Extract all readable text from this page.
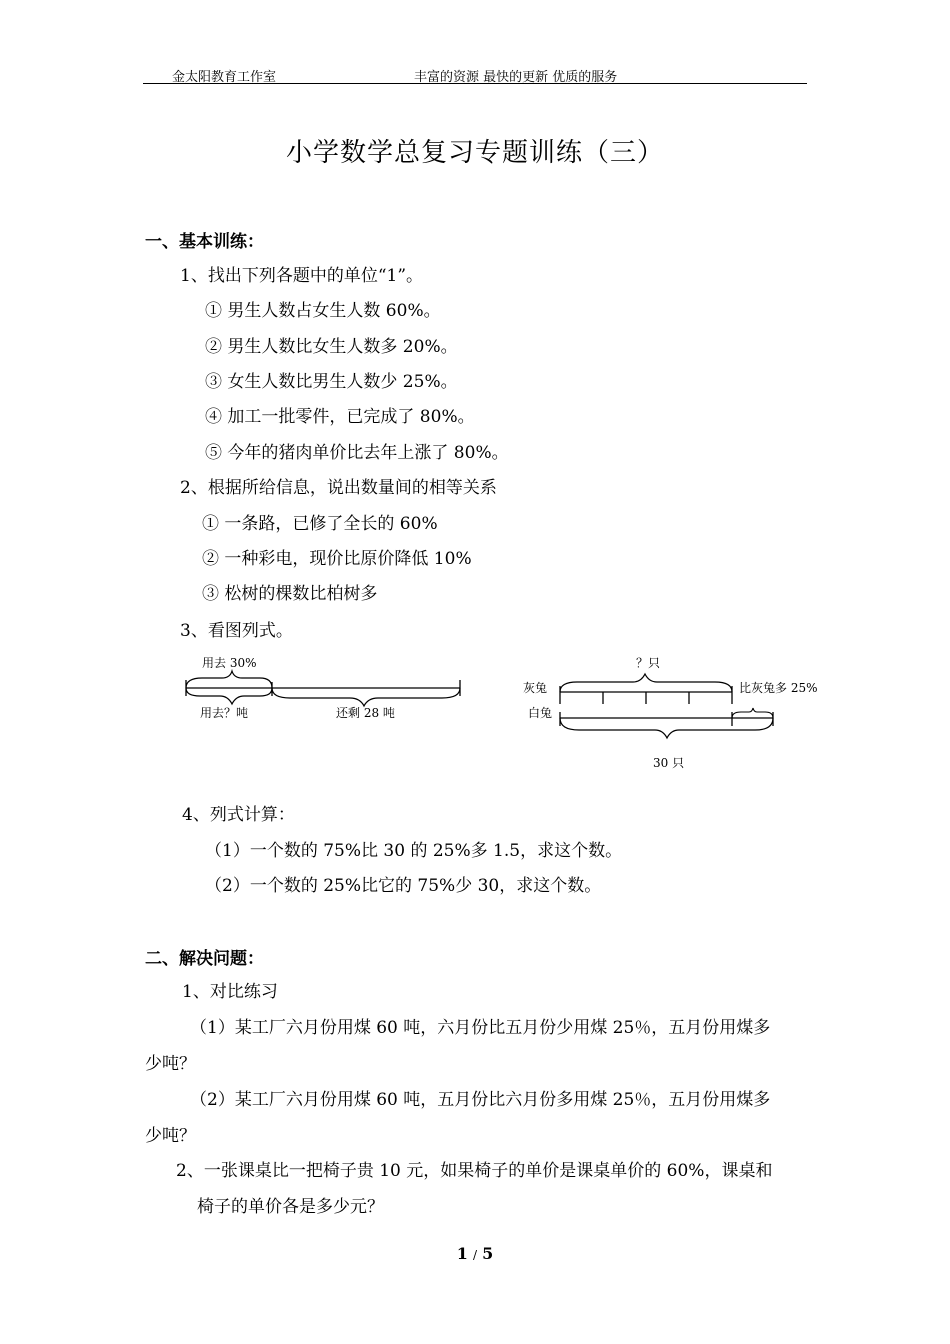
金太阳教育工作室	丰富的资源 最快的更新 优质的服务
小学数学总复习专题训练（三）
一、基本训练：
1、找出下列各题中的单位“1”。
① 男生人数占女生人数 60%。
② 男生人数比女生人数多 20%。
③ 女生人数比男生人数少 25%。
④ 加工一批零件，已完成了 80%。
⑤ 今年的猪肉单价比去年上涨了 80%。
2、根据所给信息，说出数量间的相等关系
① 一条路，已修了全长的 60%
② 一种彩电，现价比原价降低 10%
③ 松树的棵数比柏树多
3、看图列式。
用去 30%
用去？吨	还剩 28 吨
？只
灰兔
白兔
比灰兔多 25%
30 只
4、列式计算：
（1）一个数的 75%比 30 的 25%多 1.5，求这个数。
（2）一个数的 25%比它的 75%少 30，求这个数。
二、解决问题：
1、对比练习
（1）某工厂六月份用煤 60 吨，六月份比五月份少用煤 25％，五月份用煤多
少吨？
（2）某工厂六月份用煤 60 吨，五月份比六月份多用煤 25％，五月份用煤多
少吨？
2、一张课桌比一把椅子贵 10 元，如果椅子的单价是课桌单价的 60%，课桌和
椅子的单价各是多少元？
1 / 5
